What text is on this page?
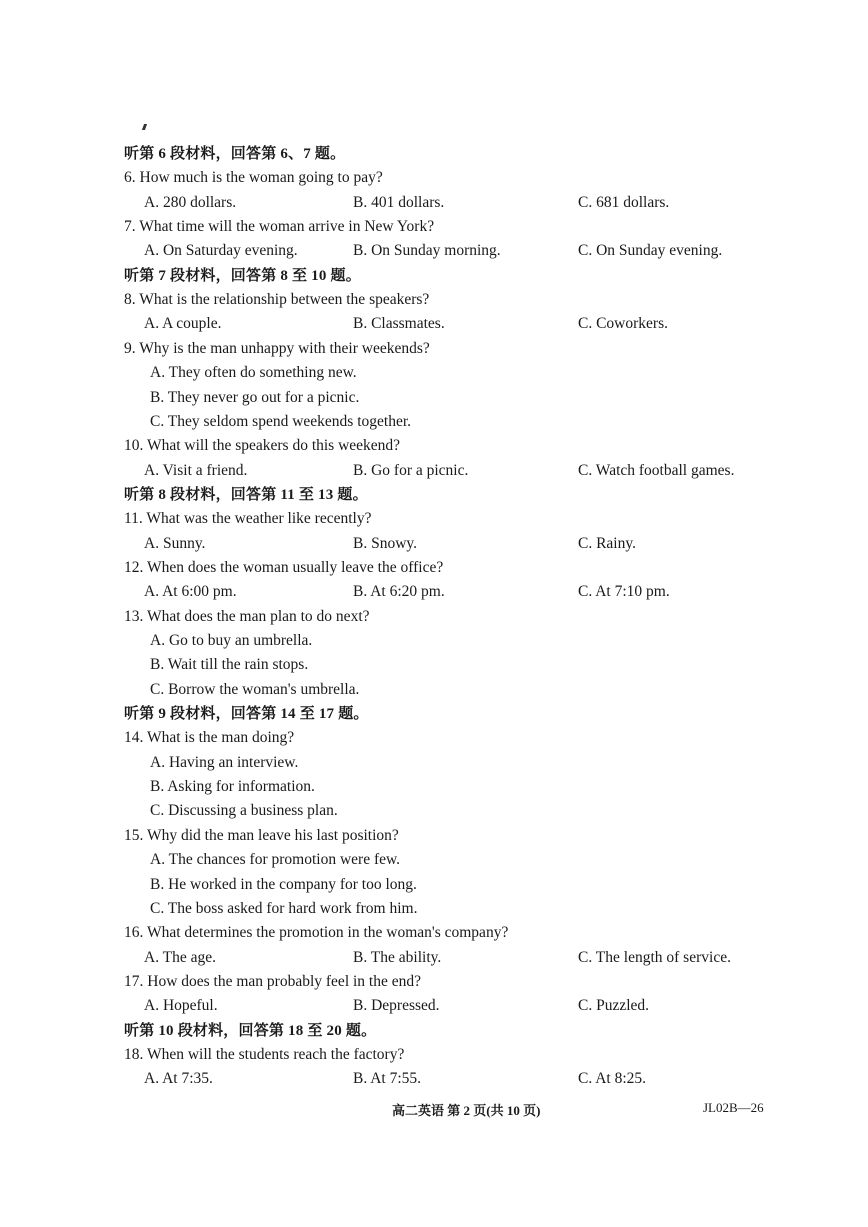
听第 6 段材料，回答第 6、7 题。
6. How much is the woman going to pay?
A. 280 dollars.	B. 401 dollars.	C. 681 dollars.
7. What time will the woman arrive in New York?
A. On Saturday evening.	B. On Sunday morning.	C. On Sunday evening.
听第 7 段材料，回答第 8 至 10 题。
8. What is the relationship between the speakers?
A. A couple.	B. Classmates.	C. Coworkers.
9. Why is the man unhappy with their weekends?
A. They often do something new.
B. They never go out for a picnic.
C. They seldom spend weekends together.
10. What will the speakers do this weekend?
A. Visit a friend.	B. Go for a picnic.	C. Watch football games.
听第 8 段材料，回答第 11 至 13 题。
11. What was the weather like recently?
A. Sunny.	B. Snowy.	C. Rainy.
12. When does the woman usually leave the office?
A. At 6:00 pm.	B. At 6:20 pm.	C. At 7:10 pm.
13. What does the man plan to do next?
A. Go to buy an umbrella.
B. Wait till the rain stops.
C. Borrow the woman's umbrella.
听第 9 段材料，回答第 14 至 17 题。
14. What is the man doing?
A. Having an interview.
B. Asking for information.
C. Discussing a business plan.
15. Why did the man leave his last position?
A. The chances for promotion were few.
B. He worked in the company for too long.
C. The boss asked for hard work from him.
16. What determines the promotion in the woman's company?
A. The age.	B. The ability.	C. The length of service.
17. How does the man probably feel in the end?
A. Hopeful.	B. Depressed.	C. Puzzled.
听第 10 段材料，回答第 18 至 20 题。
18. When will the students reach the factory?
A. At 7:35.	B. At 7:55.	C. At 8:25.
高二英语 第 2 页(共 10 页)	JL02B—26
